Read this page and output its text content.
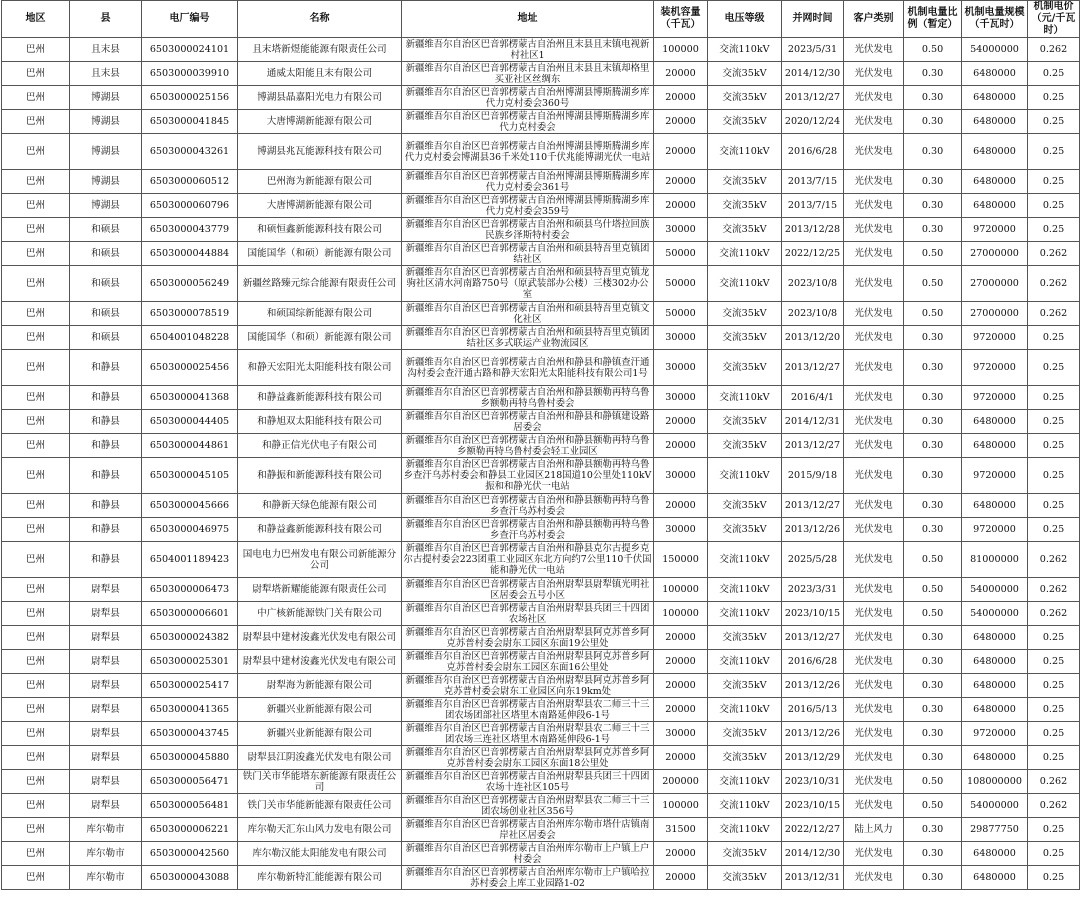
地区	县	电厂编号	名称	地址	装机容量（千瓦）	电压等级	并网时间	客户类别	机制电量比例（暂定）	机制电量规模（千瓦时）	机制电价（元/千瓦时）
巴州	且末县	6503000024101	且末塔新煜能能源有限责任公司	新疆维吾尔自治区巴音郭楞蒙古自治州且末县且末镇电视新村社区1	100000	交流110kV	2023/5/31	光伏发电	0.50	54000000	0.262
巴州	且末县	6503000039910	通威太阳能且末有限公司	新疆维吾尔自治区巴音郭楞蒙古自治州且末县且末镇却格里买亚社区丝绸东	20000	交流35kV	2014/12/30	光伏发电	0.30	6480000	0.25
巴州	博湖县	6503000025156	博湖县晶嘉阳光电力有限公司	新疆维吾尔自治区巴音郭楞蒙古自治州博湖县博斯腾湖乡库代力克村委会360号	20000	交流35kV	2013/12/27	光伏发电	0.30	6480000	0.25
巴州	博湖县	6503000041845	大唐博湖新能源有限公司	新疆维吾尔自治区巴音郭楞蒙古自治州博湖县博斯腾湖乡库代力克村委会	20000	交流35kV	2020/12/24	光伏发电	0.30	6480000	0.25
巴州	博湖县	6503000043261	博湖县兆瓦能源科技有限公司	新疆维吾尔自治区巴音郭楞蒙古自治州博湖县博斯腾湖乡库代力克村委会博湖县36千米处110千伏兆能博湖光伏一电站	20000	交流110kV	2016/6/28	光伏发电	0.30	6480000	0.25
巴州	博湖县	6503000060512	巴州海为新能源有限公司	新疆维吾尔自治区巴音郭楞蒙古自治州博湖县博斯腾湖乡库代力克村委会361号	20000	交流35kV	2013/7/15	光伏发电	0.30	6480000	0.25
巴州	博湖县	6503000060796	大唐博湖新能源有限公司	新疆维吾尔自治区巴音郭楞蒙古自治州博湖县博斯腾湖乡库代力克村委会359号	20000	交流35kV	2013/7/15	光伏发电	0.30	6480000	0.25
巴州	和硕县	6503000043779	和硕恒鑫新能源科技有限公司	新疆维吾尔自治区巴音郭楞蒙古自治州和硕县乌什塔拉回族民族乡泽斯特村委会	30000	交流35kV	2013/12/28	光伏发电	0.30	9720000	0.25
巴州	和硕县	6503000044884	国能国华（和硕）新能源有限公司	新疆维吾尔自治区巴音郭楞蒙古自治州和硕县特吾里克镇团结社区	50000	交流110kV	2022/12/25	光伏发电	0.50	27000000	0.262
巴州	和硕县	6503000056249	新疆丝路臻元综合能源有限责任公司	新疆维吾尔自治区巴音郭楞蒙古自治州和硕县特吾里克镇龙驹社区清水河南路750号（原武装部办公楼）三楼302办公室	50000	交流110kV	2023/10/8	光伏发电	0.50	27000000	0.262
巴州	和硕县	6503000078519	和硕国综新能源有限公司	新疆维吾尔自治区巴音郭楞蒙古自治州和硕县特吾里克镇文化社区	50000	交流35kV	2023/10/8	光伏发电	0.50	27000000	0.262
巴州	和硕县	6504001048228	国能国华（和硕）新能源有限公司	新疆维吾尔自治区巴音郭楞蒙古自治州和硕县特吾里克镇团结社区多式联运产业物流园区	30000	交流35kV	2013/12/20	光伏发电	0.30	9720000	0.25
巴州	和静县	6503000025456	和静天宏阳光太阳能科技有限公司	新疆维吾尔自治区巴音郭楞蒙古自治州和静县和静镇查汗通沟村委会查汗通古路和静天宏阳光太阳能科技有限公司1号	30000	交流35kV	2013/12/27	光伏发电	0.30	9720000	0.25
巴州	和静县	6503000041368	和静益鑫新能源科技有限公司	新疆维吾尔自治区巴音郭楞蒙古自治州和静县额勒再特乌鲁乡额勒再特乌鲁村委会	30000	交流110kV	2016/4/1	光伏发电	0.30	9720000	0.25
巴州	和静县	6503000044405	和静旭双太阳能科技有限公司	新疆维吾尔自治区巴音郭楞蒙古自治州和静县和静镇建设路居委会	20000	交流35kV	2014/12/31	光伏发电	0.30	6480000	0.25
巴州	和静县	6503000044861	和静正信光伏电子有限公司	新疆维吾尔自治区巴音郭楞蒙古自治州和静县额勒再特乌鲁乡额勒再特乌鲁村委会轻工业园区	20000	交流35kV	2013/12/27	光伏发电	0.30	6480000	0.25
巴州	和静县	6503000045105	和静振和新能源科技有限公司	新疆维吾尔自治区巴音郭楞蒙古自治州和静县额勒再特乌鲁乡查汗乌苏村委会和静县工业园区218国道10公里处110kV振和和静光伏一电站	30000	交流110kV	2015/9/18	光伏发电	0.30	9720000	0.25
巴州	和静县	6503000045666	和静新天绿色能源有限公司	新疆维吾尔自治区巴音郭楞蒙古自治州和静县额勒再特乌鲁乡查汗乌苏村委会	20000	交流35kV	2013/12/27	光伏发电	0.30	6480000	0.25
巴州	和静县	6503000046975	和静益鑫新能源科技有限公司	新疆维吾尔自治区巴音郭楞蒙古自治州和静县额勒再特乌鲁乡查汗乌苏村委会	30000	交流35kV	2013/12/26	光伏发电	0.30	9720000	0.25
巴州	和静县	6504001189423	国电电力巴州发电有限公司新能源分公司	新疆维吾尔自治区巴音郭楞蒙古自治州和静县克尔古提乡克尔古提村委会223团重工业园区东北方向约7公里110千伏国能和静光伏一电站	150000	交流110kV	2025/5/28	光伏发电	0.50	81000000	0.262
巴州	尉犁县	6503000006473	尉犁塔新耀能能源有限责任公司	新疆维吾尔自治区巴音郭楞蒙古自治州尉犁县尉犁镇光明社区居委会五号小区	100000	交流110kV	2023/3/31	光伏发电	0.50	54000000	0.262
巴州	尉犁县	6503000006601	中广核新能源铁门关有限公司	新疆维吾尔自治区巴音郭楞蒙古自治州尉犁县兵团三十四团农场社区	100000	交流110kV	2023/10/15	光伏发电	0.50	54000000	0.262
巴州	尉犁县	6503000024382	尉犁县中建材浚鑫光伏发电有限公司	新疆维吾尔自治区巴音郭楞蒙古自治州尉犁县阿克苏普乡阿克苏普村委会尉东工园区东面19公里处	20000	交流35kV	2013/12/27	光伏发电	0.30	6480000	0.25
巴州	尉犁县	6503000025301	尉犁县中建材浚鑫光伏发电有限公司	新疆维吾尔自治区巴音郭楞蒙古自治州尉犁县阿克苏普乡阿克苏普村委会尉东工园区东面16公里处	20000	交流110kV	2016/6/28	光伏发电	0.30	6480000	0.25
巴州	尉犁县	6503000025417	尉犁海为新能源有限公司	新疆维吾尔自治区巴音郭楞蒙古自治州尉犁县阿克苏普乡阿克苏普村委会尉东工业园区向东19km处	20000	交流35kV	2013/12/26	光伏发电	0.30	6480000	0.25
巴州	尉犁县	6503000041365	新疆兴业新能源有限公司	新疆维吾尔自治区巴音郭楞蒙古自治州尉犁县农二师三十三团农场团部社区塔里木南路延伸段6-1号	20000	交流110kV	2016/5/13	光伏发电	0.30	6480000	0.25
巴州	尉犁县	6503000043745	新疆兴业新能源有限公司	新疆维吾尔自治区巴音郭楞蒙古自治州尉犁县农二师三十三团农场三连社区塔里木南路延伸段6-1号	30000	交流35kV	2013/12/26	光伏发电	0.30	9720000	0.25
巴州	尉犁县	6503000045880	尉犁县江阴浚鑫光伏发电有限公司	新疆维吾尔自治区巴音郭楞蒙古自治州尉犁县阿克苏普乡阿克苏普村委会尉东工园区东面18公里处	20000	交流35kV	2013/12/29	光伏发电	0.30	6480000	0.25
巴州	尉犁县	6503000056471	铁门关市华能塔东新能源有限责任公司	新疆维吾尔自治区巴音郭楞蒙古自治州尉犁县兵团三十四团农场十连社区105号	200000	交流110kV	2023/10/31	光伏发电	0.50	108000000	0.262
巴州	尉犁县	6503000056481	铁门关市华能新能源有限责任公司	新疆维吾尔自治区巴音郭楞蒙古自治州尉犁县农二师三十三团农场创业社区356号	100000	交流110kV	2023/10/15	光伏发电	0.50	54000000	0.262
巴州	库尔勒市	6503000006221	库尔勒天汇东山风力发电有限公司	新疆维吾尔自治区巴音郭楞蒙古自治州库尔勒市塔什店镇南岸社区居委会	31500	交流110kV	2022/12/27	陆上风力	0.30	29877750	0.25
巴州	库尔勒市	6503000042560	库尔勒汉能太阳能发电有限公司	新疆维吾尔自治区巴音郭楞蒙古自治州库尔勒市上户镇上户村委会	20000	交流35kV	2014/12/30	光伏发电	0.30	6480000	0.25
巴州	库尔勒市	6503000043088	库尔勒新特汇能能源有限公司	新疆维吾尔自治区巴音郭楞蒙古自治州库尔勒市上户镇哈拉苏村委会上库工业园路1-02	20000	交流35kV	2013/12/31	光伏发电	0.30	6480000	0.25
